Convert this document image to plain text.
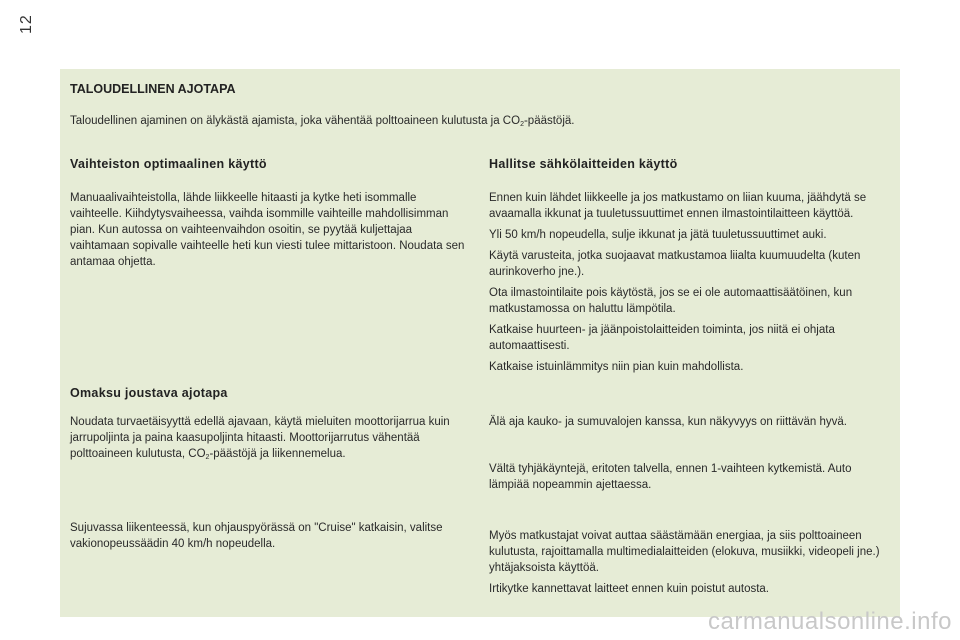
12
TALOUDELLINEN AJOTAPA
Taloudellinen ajaminen on älykästä ajamista, joka vähentää polttoaineen kulutusta ja $CO_2$-päästöjä.
Vaihteiston optimaalinen käyttö

Manuaalivaihteistolla, lähde liikkeelle hitaasti ja kytke heti isommalle vaihteelle. Kiihdytysvaiheessa, vaihda isommille vaihteille mahdollisimman pian. Kun autossa on vaihteenvaihdon osoitin, se pyytää kuljettajaa vaihtamaan sopivalle vaihteelle heti kun viesti tulee mittaristoon. Noudata sen antamaa ohjetta.

Omaksu joustava ajotapa

Noudata turvaetäisyyttä edellä ajavaan, käytä mieluiten moottorijarrua kuin jarrupoljinta ja paina kaasupoljinta hitaasti. Moottorijarrutus vähentää polttoaineen kulutusta, $CO_2$-päästöjä ja liikennemelua.

Sujuvassa liikenteessä, kun ohjauspyörässä on "Cruise" katkaisin, valitse vakionopeussäädin 40 km/h nopeudella.

Hallitse sähkölaitteiden käyttö

Ennen kuin lähdet liikkeelle ja jos matkustamo on liian kuuma, jäähdytä se avaamalla ikkunat ja tuuletussuuttimet ennen ilmastointilaitteen käyttöä.

Yli 50 km/h nopeudella, sulje ikkunat ja jätä tuuletussuuttimet auki.

Käytä varusteita, jotka suojaavat matkustamoa liialta kuumuudelta (kuten aurinkoverho jne.).

Ota ilmastointilaite pois käytöstä, jos se ei ole automaattisäätöinen, kun matkustamossa on haluttu lämpötila.

Katkaise huurteen- ja jäänpoistolaitteiden toiminta, jos niitä ei ohjata automaattisesti.

Katkaise istuinlämmitys niin pian kuin mahdollista.

Älä aja kauko- ja sumuvalojen kanssa, kun näkyvyys on riittävän hyvä.

Vältä tyhjäkäyntejä, eritoten talvella, ennen 1-vaihteen kytkemistä. Auto lämpiää nopeammin ajettaessa.

Myös matkustajat voivat auttaa säästämään energiaa, ja siis polttoaineen kulutusta, rajoittamalla multimedialaitteiden (elokuva, musiikki, videopeli jne.) yhtäjaksoista käyttöä.

Irtikytke kannettavat laitteet ennen kuin poistut autosta.

carmanualsonline.info
